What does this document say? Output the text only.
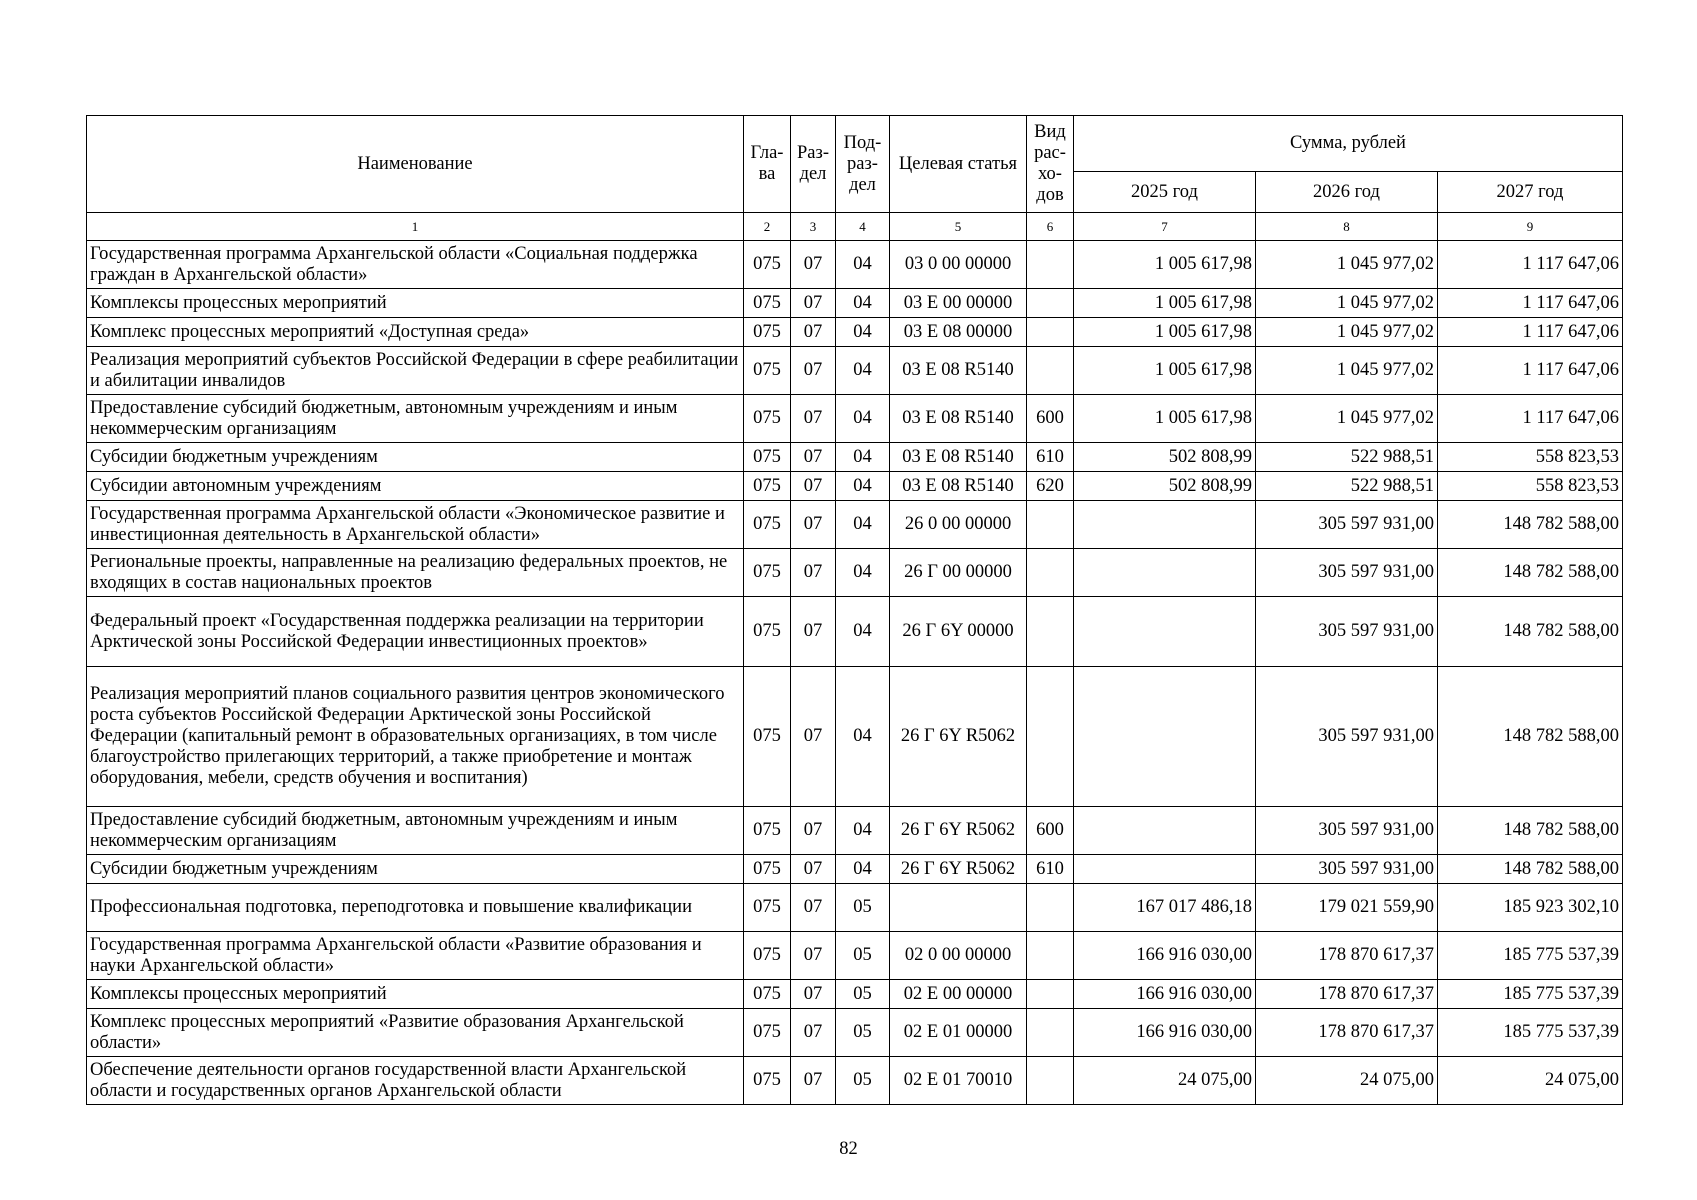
Наименование	Гла-ва	Раз-дел	Под-раз-дел	Целевая статья	Вид рас-хо-дов	Сумма, рублей		
						2025 год	2026 год	2027 год
1	2	3	4	5	6	7	8	9
Государственная программа Архангельской области «Социальная поддержка граждан в Архангельской области»	075	07	04	03 0 00 00000		1 005 617,98	1 045 977,02	1 117 647,06
Комплексы процессных мероприятий	075	07	04	03 Е 00 00000		1 005 617,98	1 045 977,02	1 117 647,06
Комплекс процессных мероприятий «Доступная среда»	075	07	04	03 Е 08 00000		1 005 617,98	1 045 977,02	1 117 647,06
Реализация мероприятий субъектов Российской Федерации в сфере реабилитации и абилитации инвалидов	075	07	04	03 Е 08 R5140		1 005 617,98	1 045 977,02	1 117 647,06
Предоставление субсидий бюджетным, автономным учреждениям и иным некоммерческим организациям	075	07	04	03 Е 08 R5140	600	1 005 617,98	1 045 977,02	1 117 647,06
Субсидии бюджетным учреждениям	075	07	04	03 Е 08 R5140	610	502 808,99	522 988,51	558 823,53
Субсидии автономным учреждениям	075	07	04	03 Е 08 R5140	620	502 808,99	522 988,51	558 823,53
Государственная программа Архангельской области «Экономическое развитие и инвестиционная деятельность в Архангельской области»	075	07	04	26 0 00 00000			305 597 931,00	148 782 588,00
Региональные проекты, направленные на реализацию федеральных проектов, не входящих в состав национальных проектов	075	07	04	26 Г 00 00000			305 597 931,00	148 782 588,00
Федеральный проект «Государственная поддержка реализации на территории Арктической зоны Российской Федерации инвестиционных проектов»	075	07	04	26 Г 6Y 00000			305 597 931,00	148 782 588,00
Реализация мероприятий планов социального развития центров экономического роста субъектов Российской Федерации Арктической зоны Российской Федерации (капитальный ремонт в образовательных организациях, в том числе благоустройство прилегающих территорий, а также приобретение и монтаж оборудования, мебели, средств обучения и воспитания)	075	07	04	26 Г 6Y R5062			305 597 931,00	148 782 588,00
Предоставление субсидий бюджетным, автономным учреждениям и иным некоммерческим организациям	075	07	04	26 Г 6Y R5062	600		305 597 931,00	148 782 588,00
Субсидии бюджетным учреждениям	075	07	04	26 Г 6Y R5062	610		305 597 931,00	148 782 588,00
Профессиональная подготовка, переподготовка и повышение квалификации	075	07	05			167 017 486,18	179 021 559,90	185 923 302,10
Государственная программа Архангельской области «Развитие образования и науки Архангельской области»	075	07	05	02 0 00 00000		166 916 030,00	178 870 617,37	185 775 537,39
Комплексы процессных мероприятий	075	07	05	02 Е 00 00000		166 916 030,00	178 870 617,37	185 775 537,39
Комплекс процессных мероприятий «Развитие образования Архангельской области»	075	07	05	02 Е 01 00000		166 916 030,00	178 870 617,37	185 775 537,39
Обеспечение деятельности органов государственной власти Архангельской области и государственных органов Архангельской области	075	07	05	02 Е 01 70010		24 075,00	24 075,00	24 075,00
82
